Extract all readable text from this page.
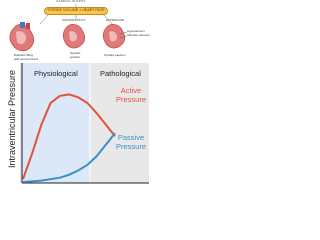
CARDIAC OUTPUT
STROKE VOLUME × HEART RATE
CONTRACTILITY	AFTERLOAD
Hypertension
Valvular stenosis
Diastolic filling
with venous blood
Systolic
ejection	Systolic ejection
Intraventricular Pressure Physiological	Pathological
Active
Pressure
Passive
Pressure
